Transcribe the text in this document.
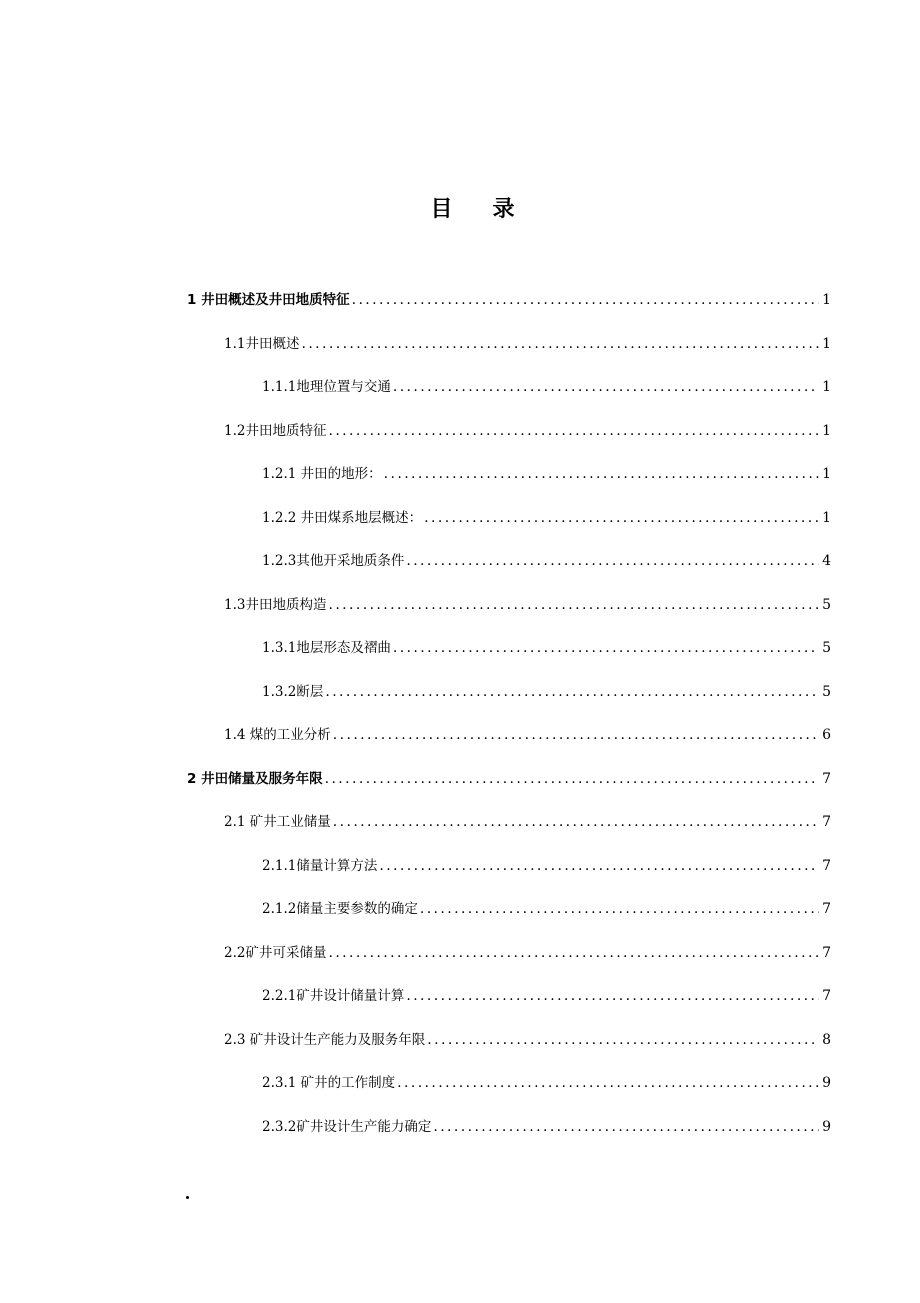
目录
1 井田概述及井田地质特征 .....	1
1.1井田概述 .....	1
1.1.1地理位置与交通 .....	1
1.2井田地质特征 .....	1
1.2.1 井田的地形： .....	1
1.2.2 井田煤系地层概述： .....	1
1.2.3其他开采地质条件 .....	4
1.3井田地质构造 .....	5
1.3.1地层形态及褶曲 .....	5
1.3.2断层 .....	5
1.4 煤的工业分析 .....	6
2 井田储量及服务年限 .....	7
2.1 矿井工业储量 .....	7
2.1.1储量计算方法 .....	7
2.1.2储量主要参数的确定 .....	7
2.2矿井可采储量 .....	7
2.2.1矿井设计储量计算 .....	7
2.3 矿井设计生产能力及服务年限 .....	8
2.3.1 矿井的工作制度 .....	9
2.3.2矿井设计生产能力确定 .....	9
